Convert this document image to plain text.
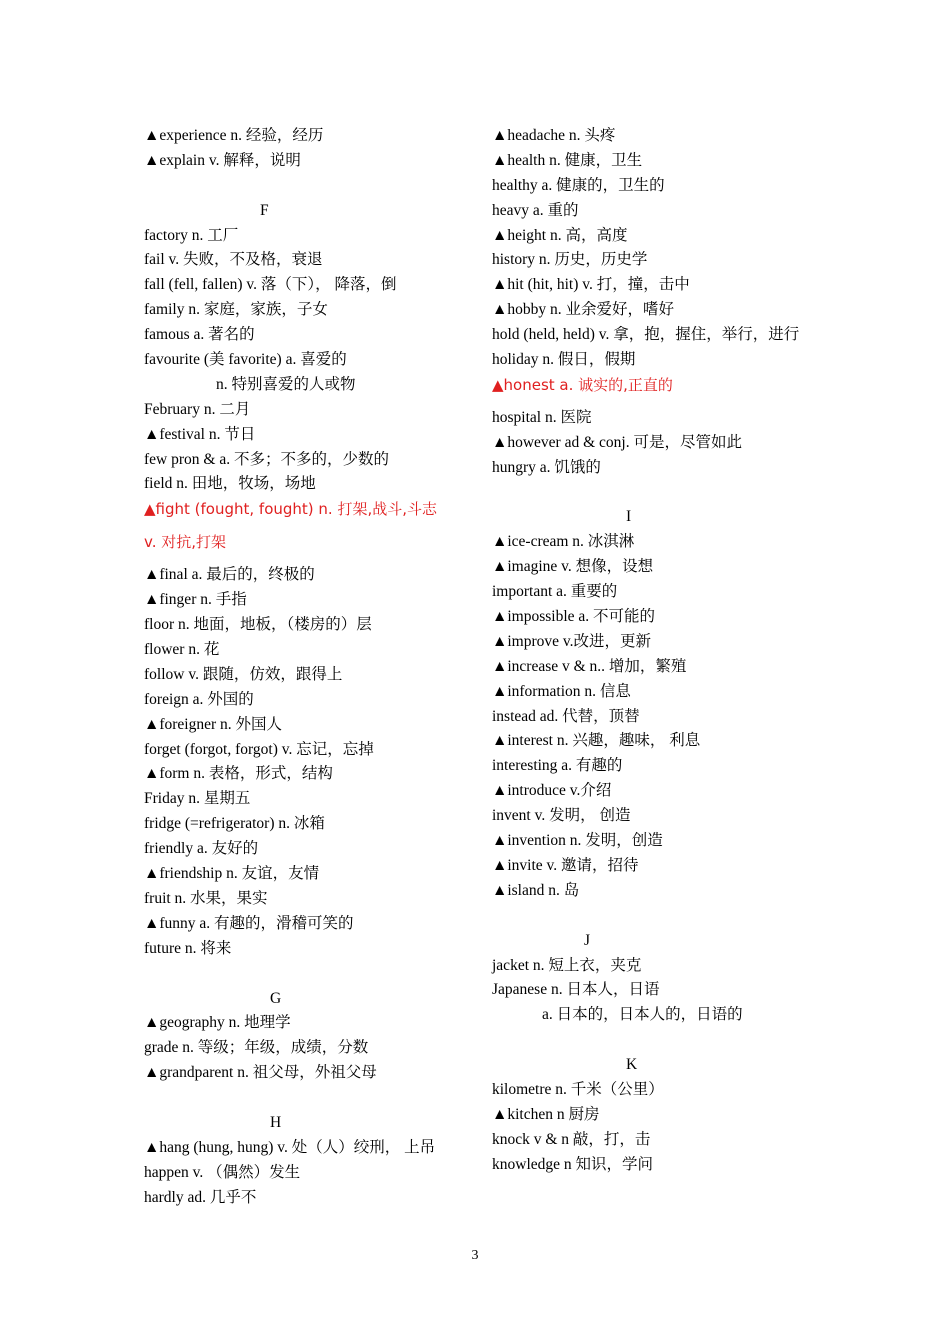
▲experience n. 经验，经历
▲explain v. 解释，说明
F
factory n. 工厂
fail v. 失败，不及格，衰退
fall (fell, fallen) v. 落（下）， 降落，倒
family n. 家庭，家族，子女
famous a. 著名的
favourite (美 favorite) a. 喜爱的
n. 特别喜爱的人或物
February n. 二月
▲festival n. 节日
few pron & a. 不多；不多的，少数的
field n. 田地，牧场，场地
▲fight (fought, fought) n. 打架,战斗,斗志
v. 对抗,打架
▲final a. 最后的，终极的
▲finger n. 手指
floor n. 地面，地板，（楼房的）层
flower n. 花
follow v. 跟随，仿效，跟得上
foreign a. 外国的
▲foreigner n. 外国人
forget (forgot, forgot) v. 忘记，忘掉
▲form n. 表格，形式，结构
Friday n. 星期五
fridge (=refrigerator) n. 冰箱
friendly a. 友好的
▲friendship n. 友谊，友情
fruit n. 水果，果实
▲funny a. 有趣的，滑稽可笑的
future n. 将来
G
▲geography n. 地理学
grade n. 等级；年级，成绩，分数
▲grandparent n. 祖父母，外祖父母
H
▲hang (hung, hung) v. 处（人）绞刑， 上吊
happen v. （偶然）发生
hardly ad. 几乎不
▲headache n. 头疼
▲health n. 健康，卫生
healthy a. 健康的，卫生的
heavy a. 重的
▲height n. 高，高度
history n. 历史，历史学
▲hit (hit, hit) v. 打，撞，击中
▲hobby n. 业余爱好，嗜好
hold (held, held) v. 拿，抱，握住，举行，进行
holiday n. 假日，假期
▲honest a. 诚实的,正直的
hospital n. 医院
▲however ad & conj. 可是，尽管如此
hungry a. 饥饿的
I
▲ice-cream n. 冰淇淋
▲imagine v. 想像，设想
important a. 重要的
▲impossible a. 不可能的
▲improve v.改进，更新
▲increase v & n.. 增加，繁殖
▲information n. 信息
instead ad. 代替，顶替
▲interest n. 兴趣，趣味， 利息
interesting a. 有趣的
▲introduce v.介绍
invent v. 发明， 创造
▲invention n. 发明，创造
▲invite v. 邀请，招待
▲island n. 岛
J
jacket n. 短上衣，夹克
Japanese n. 日本人，日语
a. 日本的，日本人的，日语的
K
kilometre n. 千米（公里）
▲kitchen n 厨房
knock v & n 敲，打，击
knowledge n 知识，学问
3
